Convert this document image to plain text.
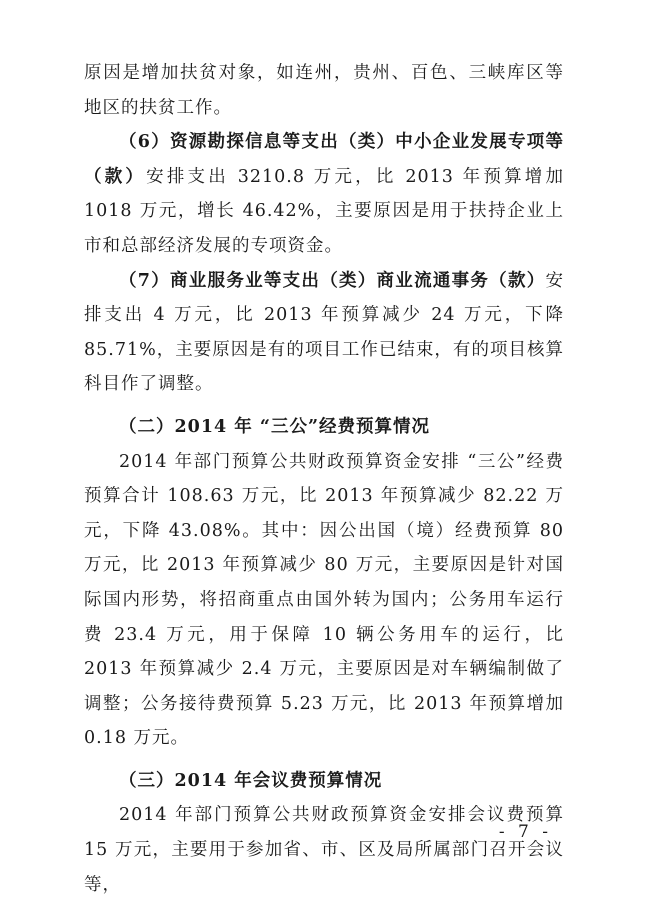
原因是增加扶贫对象，如连州，贵州、百色、三峡库区等地区的扶贫工作。

（6）资源勘探信息等支出（类）中小企业发展专项等（款）安排支出 3210.8 万元，比 2013 年预算增加 1018 万元，增长 46.42%，主要原因是用于扶持企业上市和总部经济发展的专项资金。

（7）商业服务业等支出（类）商业流通事务（款）安排支出 4 万元，比 2013 年预算减少 24 万元，下降 85.71%，主要原因是有的项目工作已结束，有的项目核算科目作了调整。

（二）2014 年 “三公”经费预算情况

2014 年部门预算公共财政预算资金安排 “三公”经费预算合计 108.63 万元，比 2013 年预算减少 82.22 万元，下降 43.08%。其中：因公出国（境）经费预算 80 万元，比 2013 年预算减少 80 万元，主要原因是针对国际国内形势，将招商重点由国外转为国内；公务用车运行费 23.4 万元，用于保障 10 辆公务用车的运行，比 2013 年预算减少 2.4 万元，主要原因是对车辆编制做了调整；公务接待费预算 5.23 万元，比 2013 年预算增加 0.18 万元。

（三）2014 年会议费预算情况

2014 年部门预算公共财政预算资金安排会议费预算 15 万元，主要用于参加省、市、区及局所属部门召开会议等，

- 7 -
